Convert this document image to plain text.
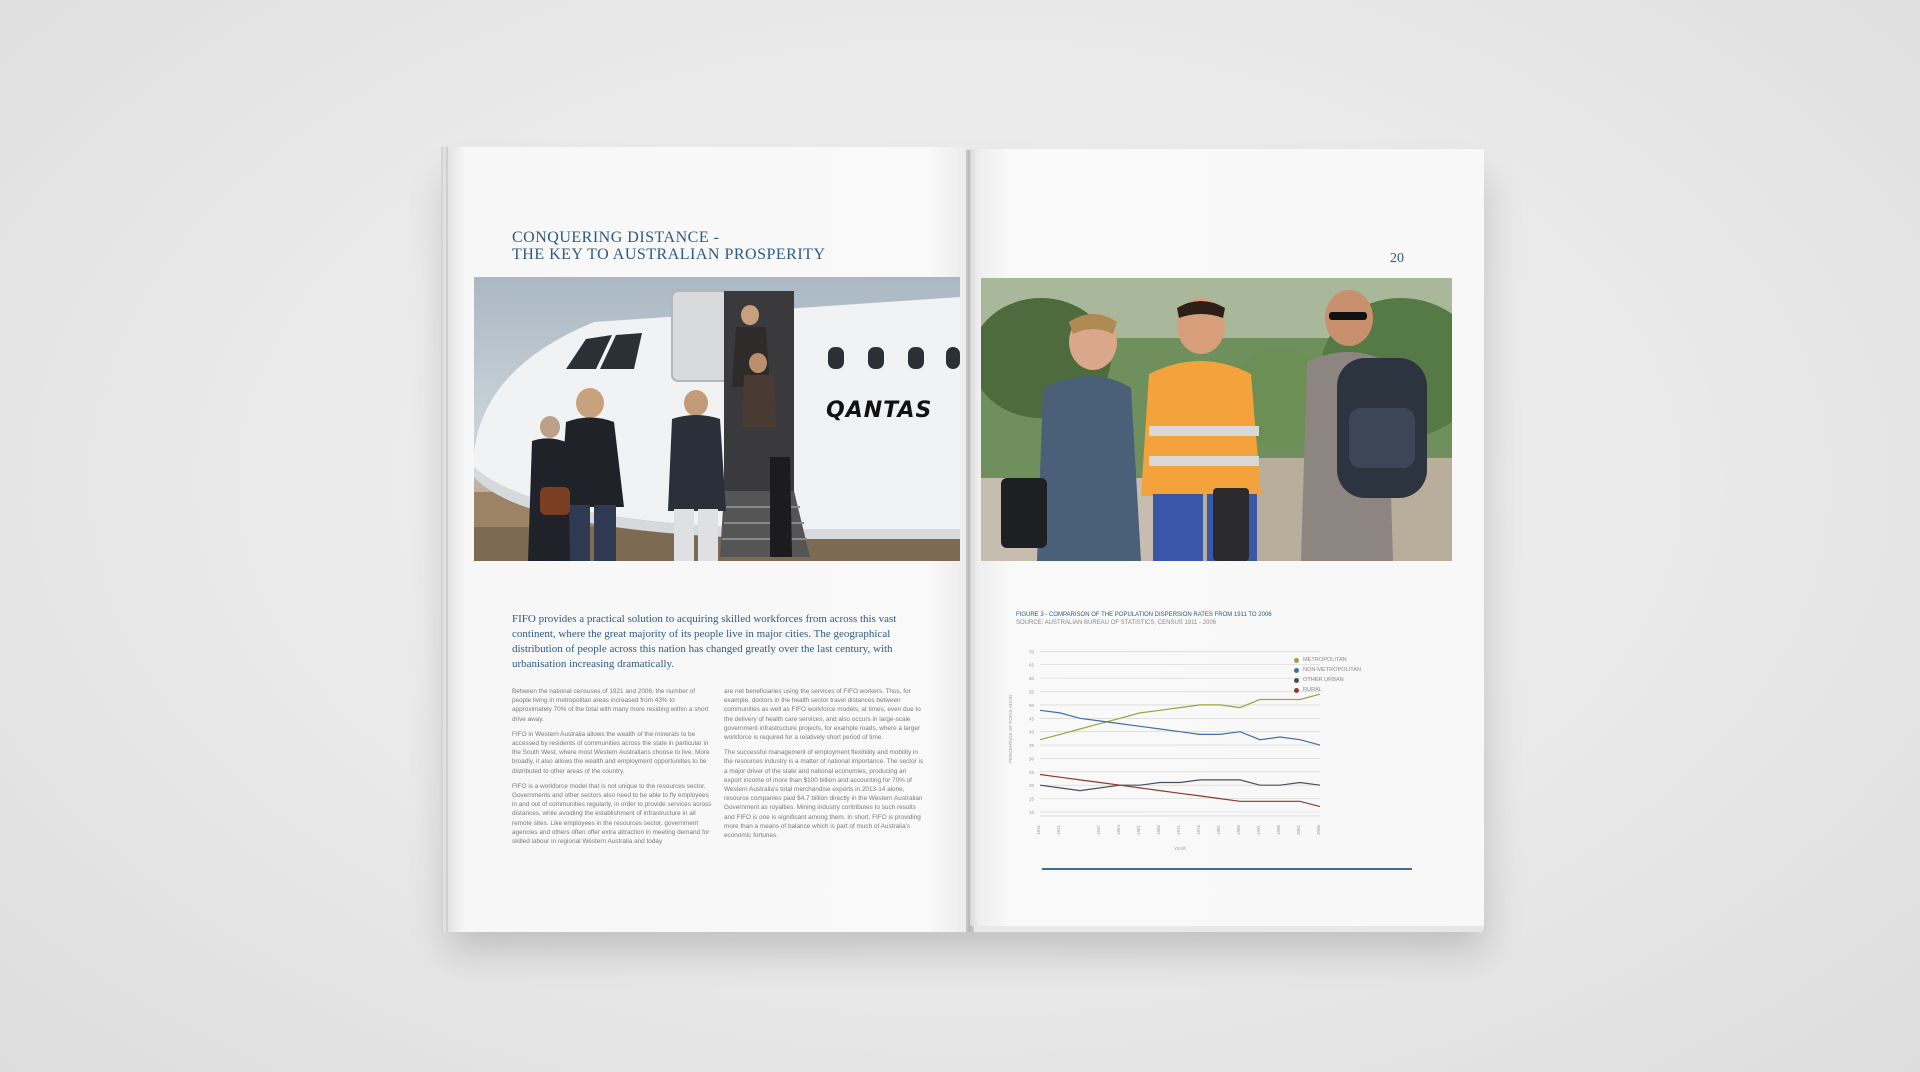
CONQUERING DISTANCE -
THE KEY TO AUSTRALIAN PROSPERITY
QANTAS
FIFO provides a practical solution to acquiring skilled workforces from across this vast continent, where the great majority of its people live in major cities. The geographical distribution of people across this nation has changed greatly over the last century, with urbanisation increasing dramatically.

Between the national censuses of 1921 and 2006, the number of people living in metropolitan areas increased from 43% to approximately 70% of the total with many more residing within a short drive away.

FIFO in Western Australia allows the wealth of the minerals to be accessed by residents of communities across the state in particular in the South West, where most Western Australians choose to live. More broadly, it also allows the wealth and employment opportunities to be distributed to other areas of the country.

FIFO is a workforce model that is not unique to the resources sector. Governments and other sectors also need to be able to fly employees in and out of communities regularly, in order to provide services across distances, while avoiding the establishment of infrastructure in all remote sites. Like employees in the resources sector, government agencies and others often offer extra attraction in meeting demand for skilled labour in regional Western Australia and today

are net beneficiaries using the services of FIFO workers. Thus, for example, doctors in the health sector travel distances between communities as well as FIFO workforce models, at times, even due to the delivery of health care services, and also occurs in large-scale government infrastructure projects, for example roads, where a larger workforce is required for a relatively short period of time.

The successful management of employment flexibility and mobility in the resources industry is a matter of national importance. The sector is a major driver of the state and national economies, producing an export income of more than $100 billion and accounting for 70% of Western Australia's total merchandise exports in 2013-14 alone, resource companies paid $4.7 billion directly in the Western Australian Government as royalties. Mining industry contributes to such results and FIFO is one is significant among them. In short, FIFO is providing more than a means of balance which is part of much of Australia's economic fortunes.

20
FIGURE 3 - COMPARISON OF THE POPULATION DISPERSION RATES FROM 1911 TO 2006
SOURCE: AUSTRALIAN BUREAU OF STATISTICS, CENSUS 1911 - 2006
10
15
20
25
30
35
40
45
50
55
60
65
70
1911	1921	1947	1954	1961	1966	1971	1976	1981	1986	1991	1996	2001	2006
PERCENTAGE OF POPULATION
YEAR
METROPOLITAN
NON-METROPOLITAN
OTHER URBAN
RURAL
